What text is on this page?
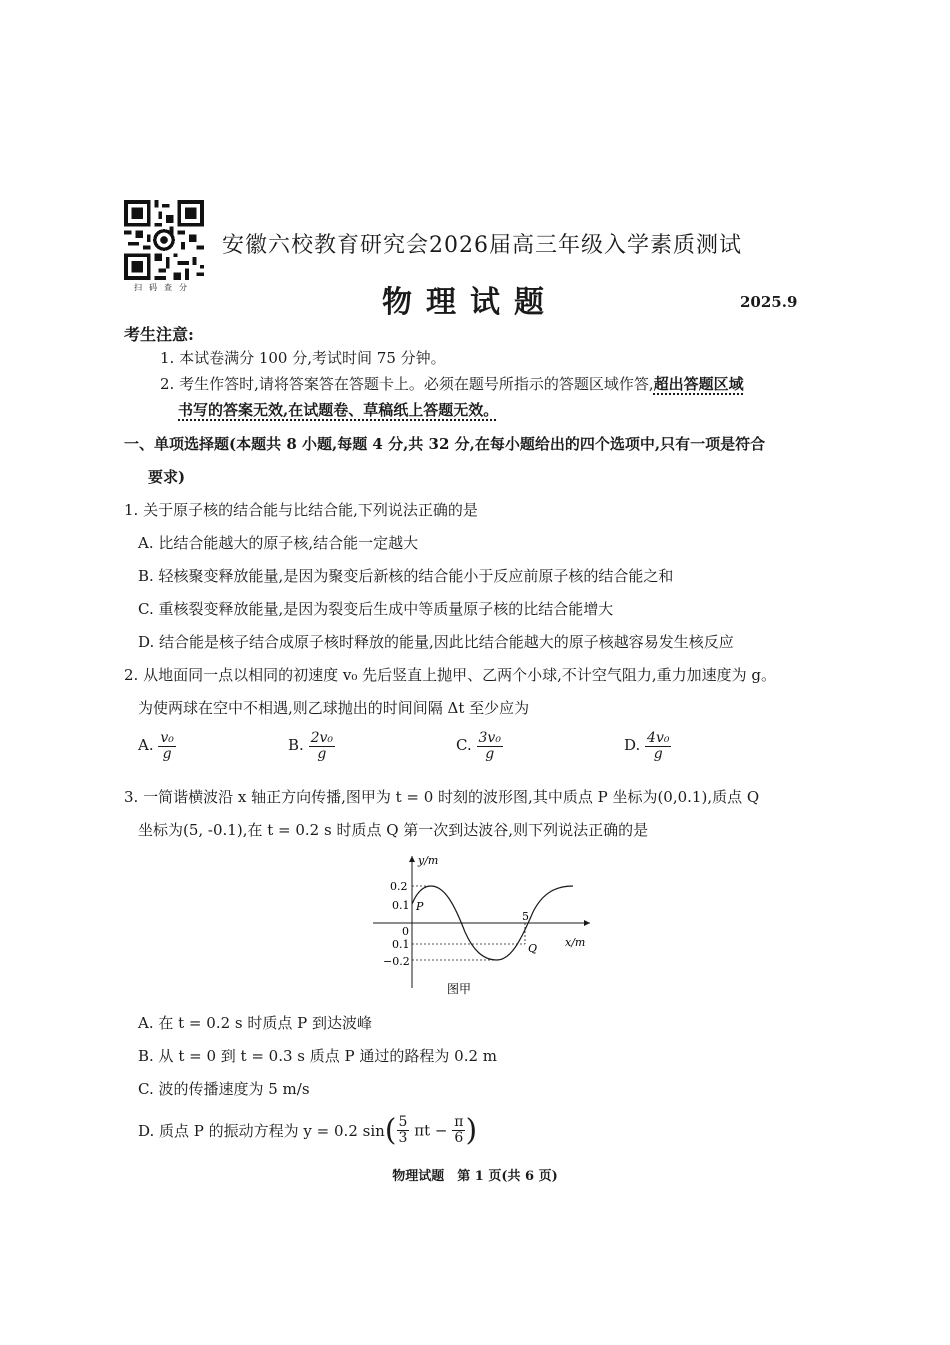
扫码查分
安徽六校教育研究会2026届高三年级入学素质测试
物理试题	2025.9
考生注意:
1. 本试卷满分 100 分,考试时间 75 分钟。
2. 考生作答时,请将答案答在答题卡上。必须在题号所指示的答题区域作答,超出答题区域
书写的答案无效,在试题卷、草稿纸上答题无效。
一、单项选择题(本题共 8 小题,每题 4 分,共 32 分,在每小题给出的四个选项中,只有一项是符合
要求)
1. 关于原子核的结合能与比结合能,下列说法正确的是
A. 比结合能越大的原子核,结合能一定越大
B. 轻核聚变释放能量,是因为聚变后新核的结合能小于反应前原子核的结合能之和
C. 重核裂变释放能量,是因为裂变后生成中等质量原子核的比结合能增大
D. 结合能是核子结合成原子核时释放的能量,因此比结合能越大的原子核越容易发生核反应
2. 从地面同一点以相同的初速度 v₀ 先后竖直上抛甲、乙两个小球,不计空气阻力,重力加速度为 g。
为使两球在空中不相遇,则乙球抛出的时间间隔 Δt 至少应为
A. $\frac{\text{v₀}}{g}$	B. $\frac{\text{2v₀}}{g}$	C. $\frac{\text{3v₀}}{g}$	D. $\frac{\text{4v₀}}{g}$
3. 一简谐横波沿 x 轴正方向传播,图甲为 t = 0 时刻的波形图,其中质点 P 坐标为(0,0.1),质点 Q
坐标为(5, -0.1),在 t = 0.2 s 时质点 Q 第一次到达波谷,则下列说法正确的是
y/m
x/m
0.2
0.1
0
0.1
−0.2
5
P
Q
图甲
A. 在 t = 0.2 s 时质点 P 到达波峰
B. 从 t = 0 到 t = 0.3 s 质点 P 通过的路程为 0.2 m
C. 波的传播速度为 5 m/s
D. 质点 P 的振动方程为 y = 0.2 $\sin( \frac{5}{3}$ $\pi t - \frac{\pi}{6}$ )
物理试题　第 1 页(共 6 页)
